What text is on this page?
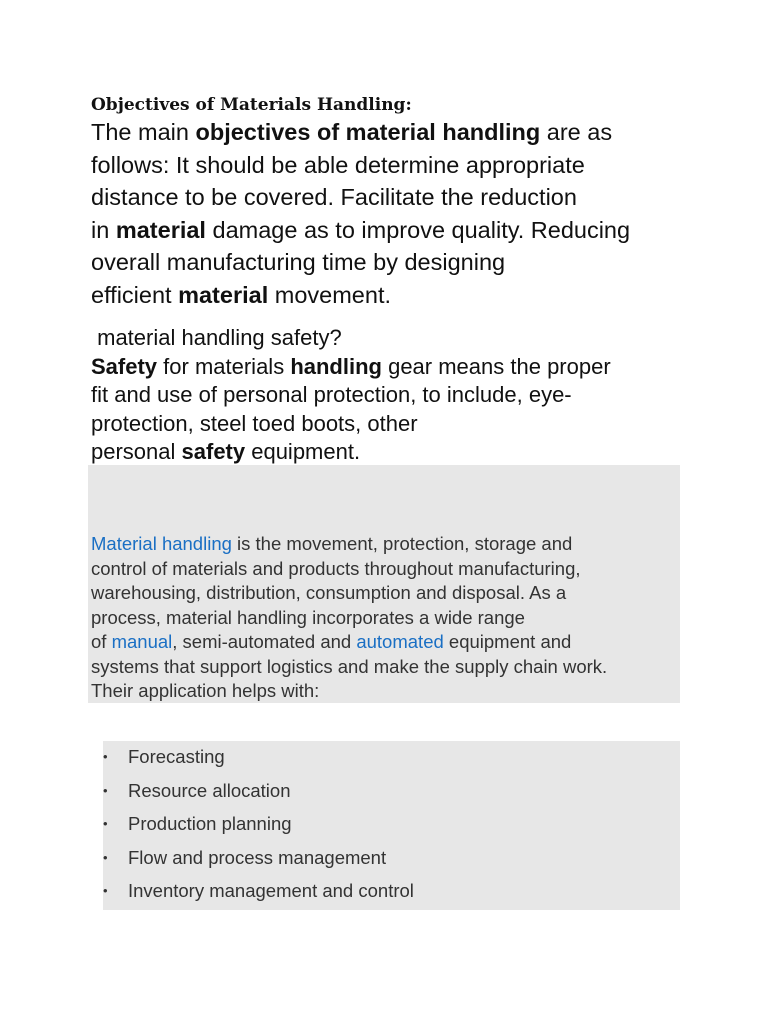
Objectives of Materials Handling:

The main objectives of material handling are as
follows: It should be able determine appropriate
distance to be covered. Facilitate the reduction
in material damage as to improve quality. Reducing
overall manufacturing time by designing
efficient material movement.

material handling safety?
Safety for materials handling gear means the proper
fit and use of personal protection, to include, eye-
protection, steel toed boots, other
personal safety equipment.

Material handling is the movement, protection, storage and
control of materials and products throughout manufacturing,
warehousing, distribution, consumption and disposal. As a
process, material handling incorporates a wide range
of manual, semi-automated and automated equipment and
systems that support logistics and make the supply chain work.
Their application helps with:

• Forecasting
• Resource allocation
• Production planning
• Flow and process management
• Inventory management and control
